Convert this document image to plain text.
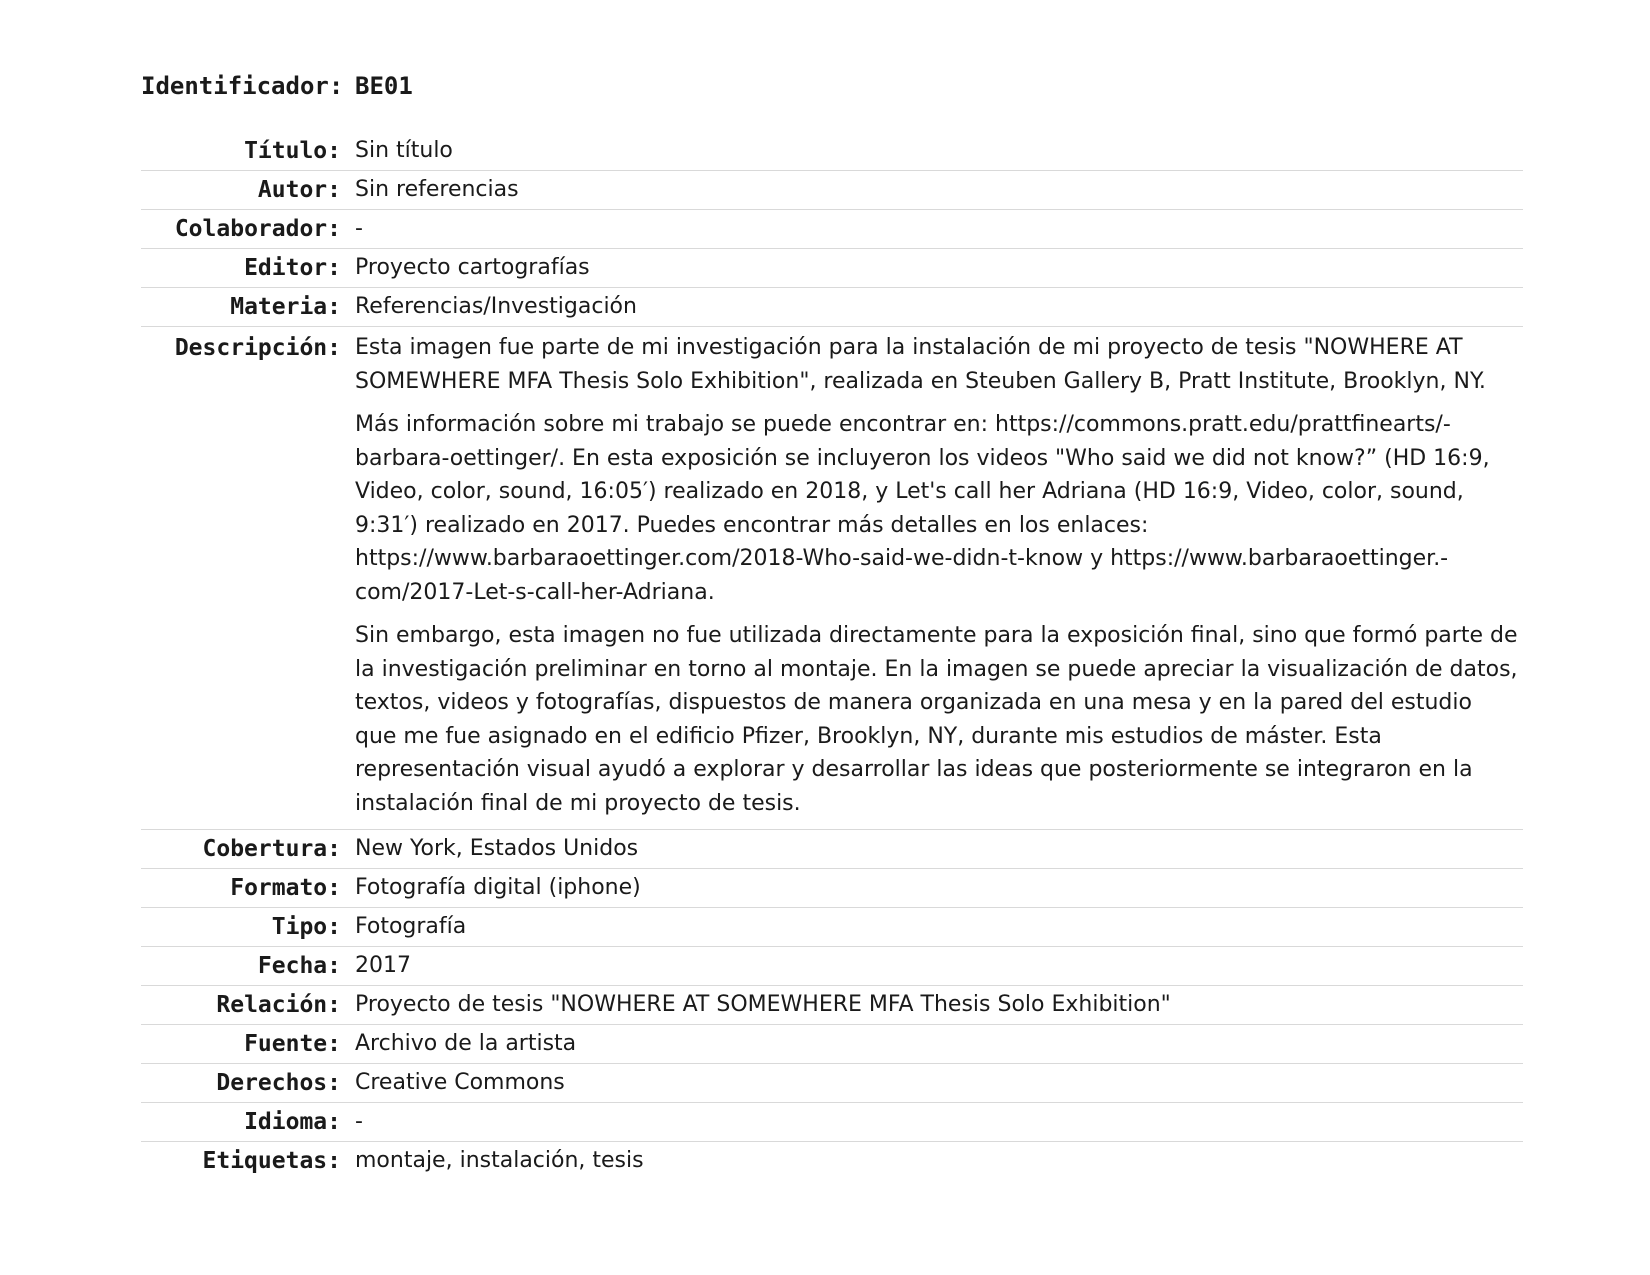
Identificador: BE01
Título: Sin título
Autor: Sin referencias
Colaborador: -
Editor: Proyecto cartografías
Materia: Referencias/Investigación
Descripción: Esta imagen fue parte de mi investigación para la instalación de mi proyecto de tesis "NOWHERE AT SOMEWHERE MFA Thesis Solo Exhibition", realizada en Steuben Gallery B, Pratt Institute, Brooklyn, NY.

Más información sobre mi trabajo se puede encontrar en: https://commons.pratt.edu/prattfinearts/-barbara-oettinger/. En esta exposición se incluyeron los videos "Who said we did not know?” (HD 16:9, Video, color, sound, 16:05′) realizado en 2018, y Let's call her Adriana (HD 16:9, Video, color, sound, 9:31′) realizado en 2017. Puedes encontrar más detalles en los enlaces: https://www.barbaraoettinger.com/2018-Who-said-we-didn-t-know y https://www.barbaraoettinger.-com/2017-Let-s-call-her-Adriana.

Sin embargo, esta imagen no fue utilizada directamente para la exposición final, sino que formó parte de la investigación preliminar en torno al montaje. En la imagen se puede apreciar la visualización de datos, textos, videos y fotografías, dispuestos de manera organizada en una mesa y en la pared del estudio que me fue asignado en el edificio Pfizer, Brooklyn, NY, durante mis estudios de máster. Esta representación visual ayudó a explorar y desarrollar las ideas que posteriormente se integraron en la instalación final de mi proyecto de tesis.

Cobertura: New York, Estados Unidos
Formato: Fotografía digital (iphone)
Tipo: Fotografía
Fecha: 2017
Relación: Proyecto de tesis "NOWHERE AT SOMEWHERE MFA Thesis Solo Exhibition"
Fuente: Archivo de la artista
Derechos: Creative Commons
Idioma: -
Etiquetas: montaje, instalación, tesis
